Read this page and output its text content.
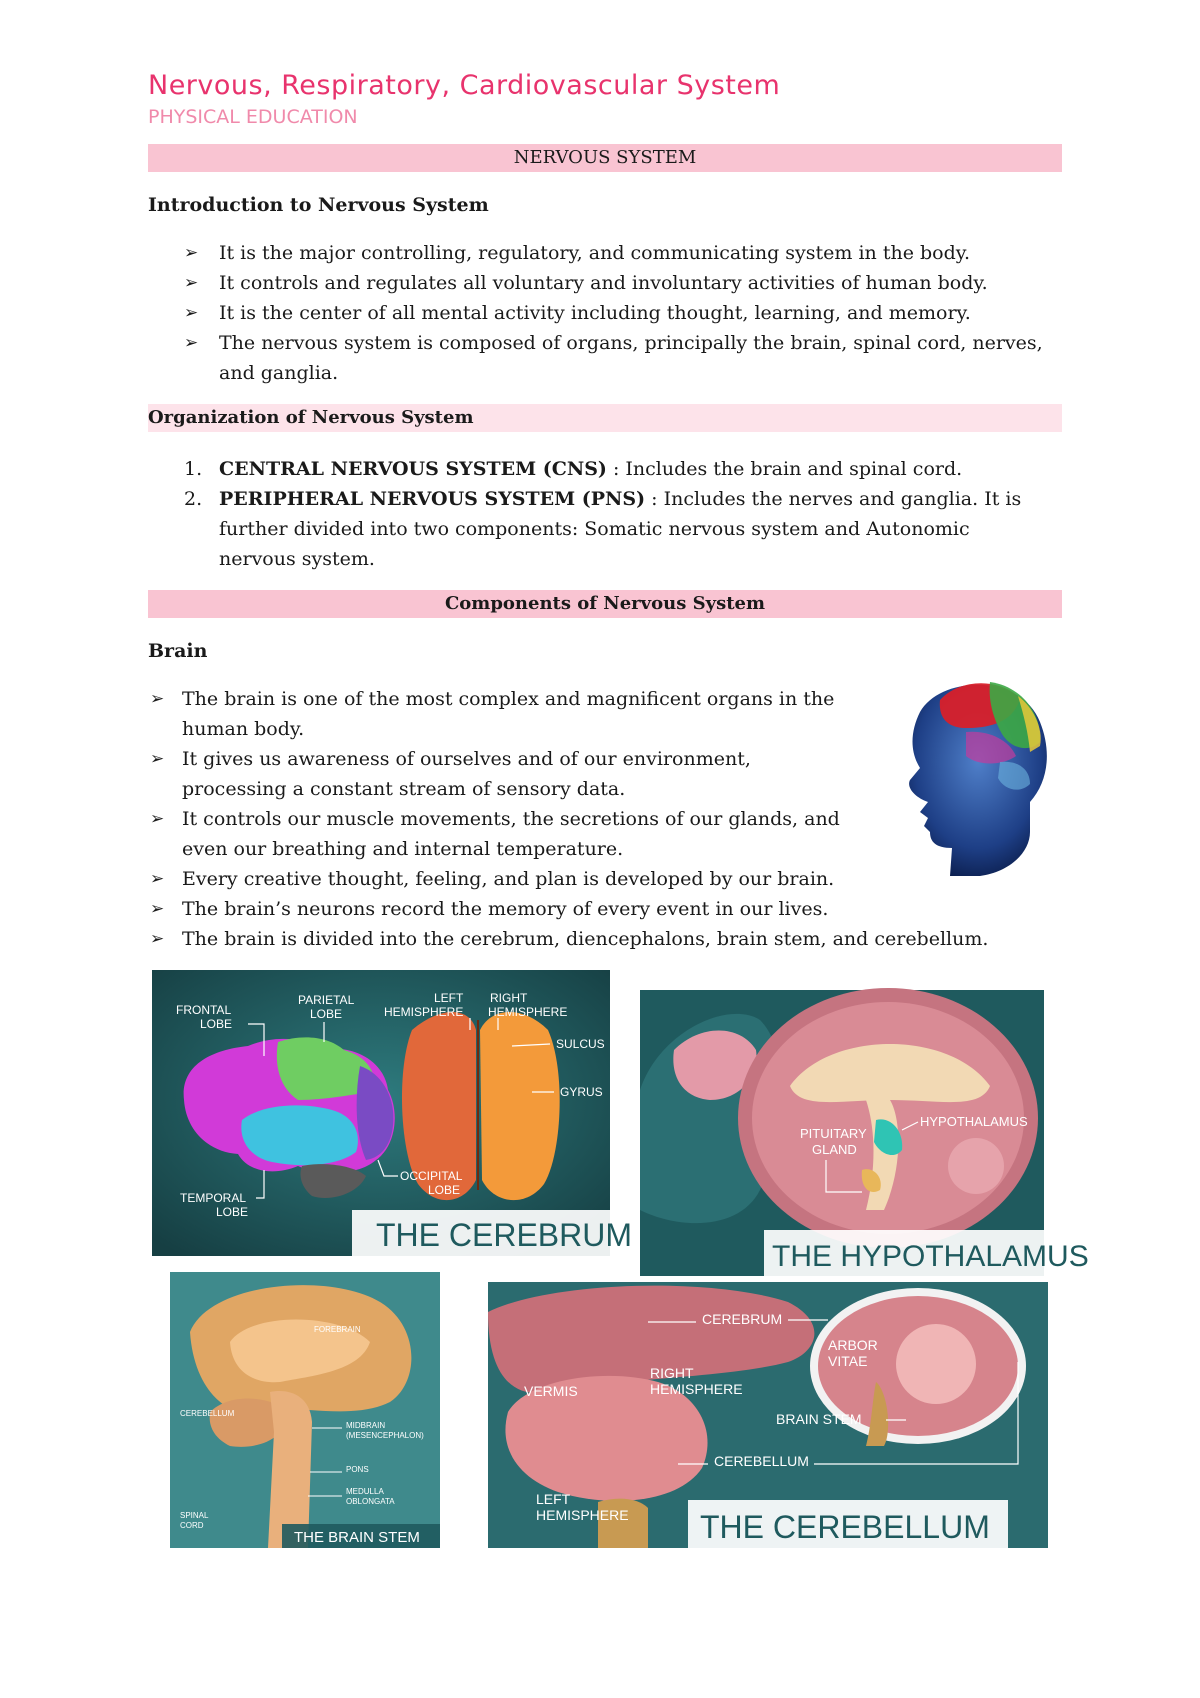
Nervous, Respiratory, Cardiovascular System
PHYSICAL EDUCATION
NERVOUS SYSTEM
Introduction to Nervous System
➢ It is the major controlling, regulatory, and communicating system in the body.
➢ It controls and regulates all voluntary and involuntary activities of human body.
➢ It is the center of all mental activity including thought, learning, and memory.
➢ The nervous system is composed of organs, principally the brain, spinal cord, nerves,
and ganglia.
Organization of Nervous System
1. CENTRAL NERVOUS SYSTEM (CNS) : Includes the brain and spinal cord.
2. PERIPHERAL NERVOUS SYSTEM (PNS) : Includes the nerves and ganglia. It is
further divided into two components: Somatic nervous system and Autonomic
nervous system.
Components of Nervous System
Brain
➢ The brain is one of the most complex and magnificent organs in the
human body.
➢ It gives us awareness of ourselves and of our environment,
processing a constant stream of sensory data.
➢ It controls our muscle movements, the secretions of our glands, and
even our breathing and internal temperature.
➢ Every creative thought, feeling, and plan is developed by our brain.
➢ The brain’s neurons record the memory of every event in our lives.
➢ The brain is divided into the cerebrum, diencephalons, brain stem, and cerebellum.
FRONTAL
LOBE
PARIETAL
LOBE
LEFT
HEMISPHERE
RIGHT
HEMISPHERE
SULCUS
GYRUS
TEMPORAL
LOBE
OCCIPITAL
LOBE
THE CEREBRUM
PITUITARY
GLAND
HYPOTHALAMUS
THE HYPOTHALAMUS
FOREBRAIN
CEREBELLUM
MIDBRAIN
(MESENCEPHALON)
PONS
MEDULLA
OBLONGATA
SPINAL
CORD
THE BRAIN STEM
CEREBRUM
ARBOR
VITAE
VERMIS
RIGHT
HEMISPHERE
BRAIN STEM
CEREBELLUM
LEFT
HEMISPHERE THE CEREBELLUM
